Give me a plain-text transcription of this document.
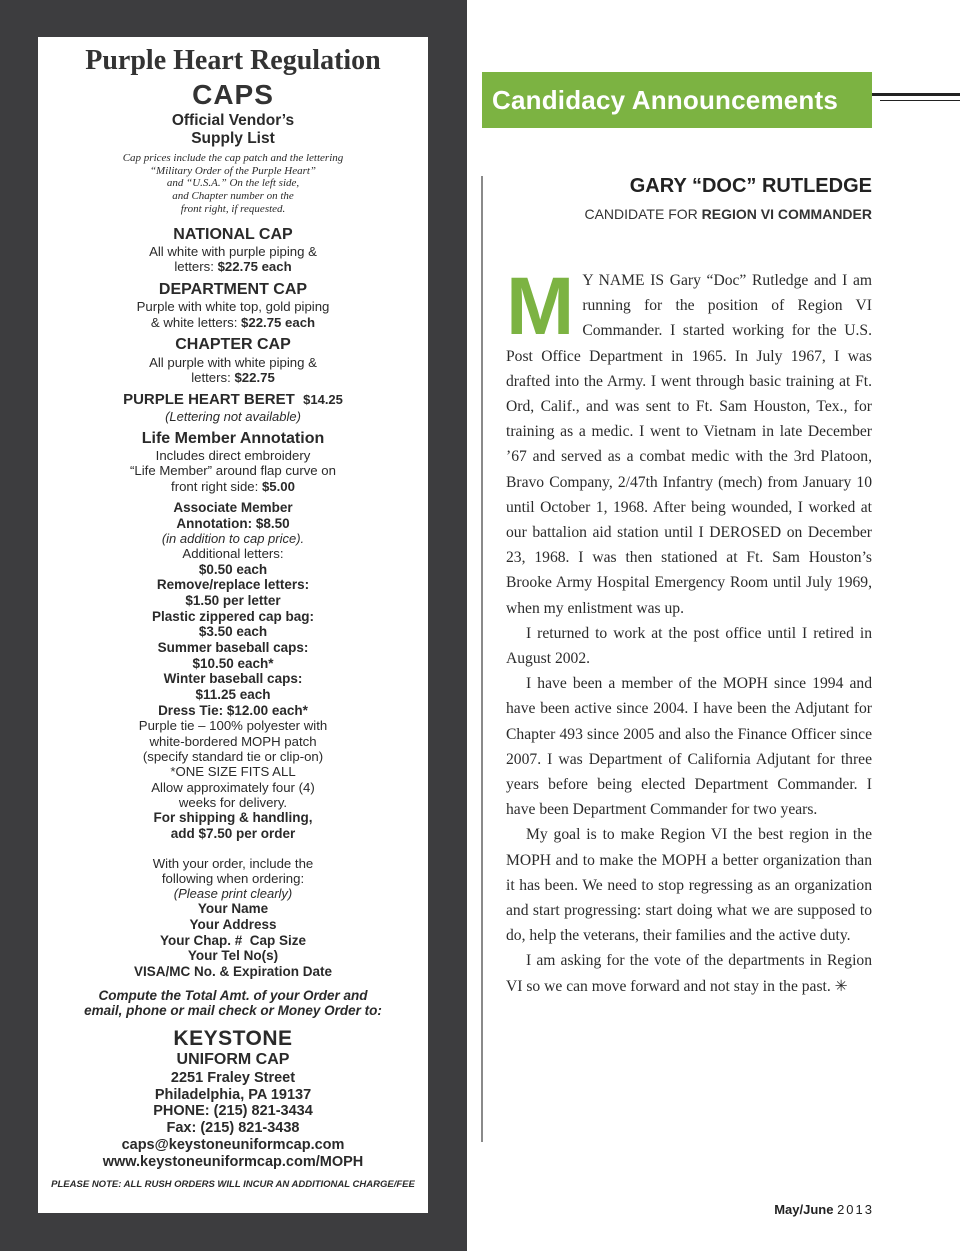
Purple Heart Regulation
CAPS
Official Vendor’s
Supply List
Cap prices include the cap patch and the lettering
“Military Order of the Purple Heart”
and “U.S.A.” On the left side,
and Chapter number on the
front right, if requested.
NATIONAL CAP
All white with purple piping &
letters: $22.75 each
DEPARTMENT CAP
Purple with white top, gold piping
& white letters: $22.75 each
CHAPTER CAP
All purple with white piping &
letters: $22.75
PURPLE HEART BERET $14.25
(Lettering not available)
Life Member Annotation
Includes direct embroidery
“Life Member” around flap curve on
front right side: $5.00
Associate Member
Annotation: $8.50
(in addition to cap price).
Additional letters:
$0.50 each
Remove/replace letters:
$1.50 per letter
Plastic zippered cap bag:
$3.50 each
Summer baseball caps:
$10.50 each*
Winter baseball caps:
$11.25 each
Dress Tie: $12.00 each*
Purple tie – 100% polyester with
white-bordered MOPH patch
(specify standard tie or clip-on)
*ONE SIZE FITS ALL
Allow approximately four (4)
weeks for delivery.
For shipping & handling,
add $7.50 per order
With your order, include the
following when ordering:
(Please print clearly)
Your Name
Your Address
Your Chap. #  Cap Size
Your Tel No(s)
VISA/MC No. & Expiration Date
Compute the Total Amt. of your Order and
email, phone or mail check or Money Order to:
KEYSTONE
UNIFORM CAP
2251 Fraley Street
Philadelphia, PA 19137
PHONE: (215) 821-3434
Fax: (215) 821-3438
caps@keystoneuniformcap.com
www.keystoneuniformcap.com/MOPH
PLEASE NOTE: ALL RUSH ORDERS WILL INCUR AN ADDITIONAL CHARGE/FEE
Candidacy Announcements
GARY “DOC” RUTLEDGE
CANDIDATE FOR REGION VI COMMANDER

M Y NAME IS Gary “Doc” Rutledge and I am running for the position of Region VI Commander. I started working for the U.S. Post Office Department in 1965. In July 1967, I was drafted into the Army. I went through basic training at Ft. Ord, Calif., and was sent to Ft. Sam Houston, Tex., for training as a medic. I went to Vietnam in late December ’67 and served as a combat medic with the 3rd Platoon, Bravo Company, 2/47th Infantry (mech) from January 10 until October 1, 1968. After being wounded, I worked at our battalion aid station until I DEROSED on December 23, 1968. I was then stationed at Ft. Sam Houston’s Brooke Army Hospital Emergency Room until July 1969, when my enlistment was up.

I returned to work at the post office until I retired in August 2002.

I have been a member of the MOPH since 1994 and have been active since 2004. I have been the Adjutant for Chapter 493 since 2005 and also the Finance Officer since 2007. I was Department of California Adjutant for three years before being elected Department Commander. I have been Department Commander for two years.

My goal is to make Region VI the best region in the MOPH and to make the MOPH a better organization than it has been. We need to stop regressing as an organization and start progressing: start doing what we are supposed to do, help the veterans, their families and the active duty.

I am asking for the vote of the departments in Region VI so we can move forward and not stay in the past. ✳

May/June 2013
